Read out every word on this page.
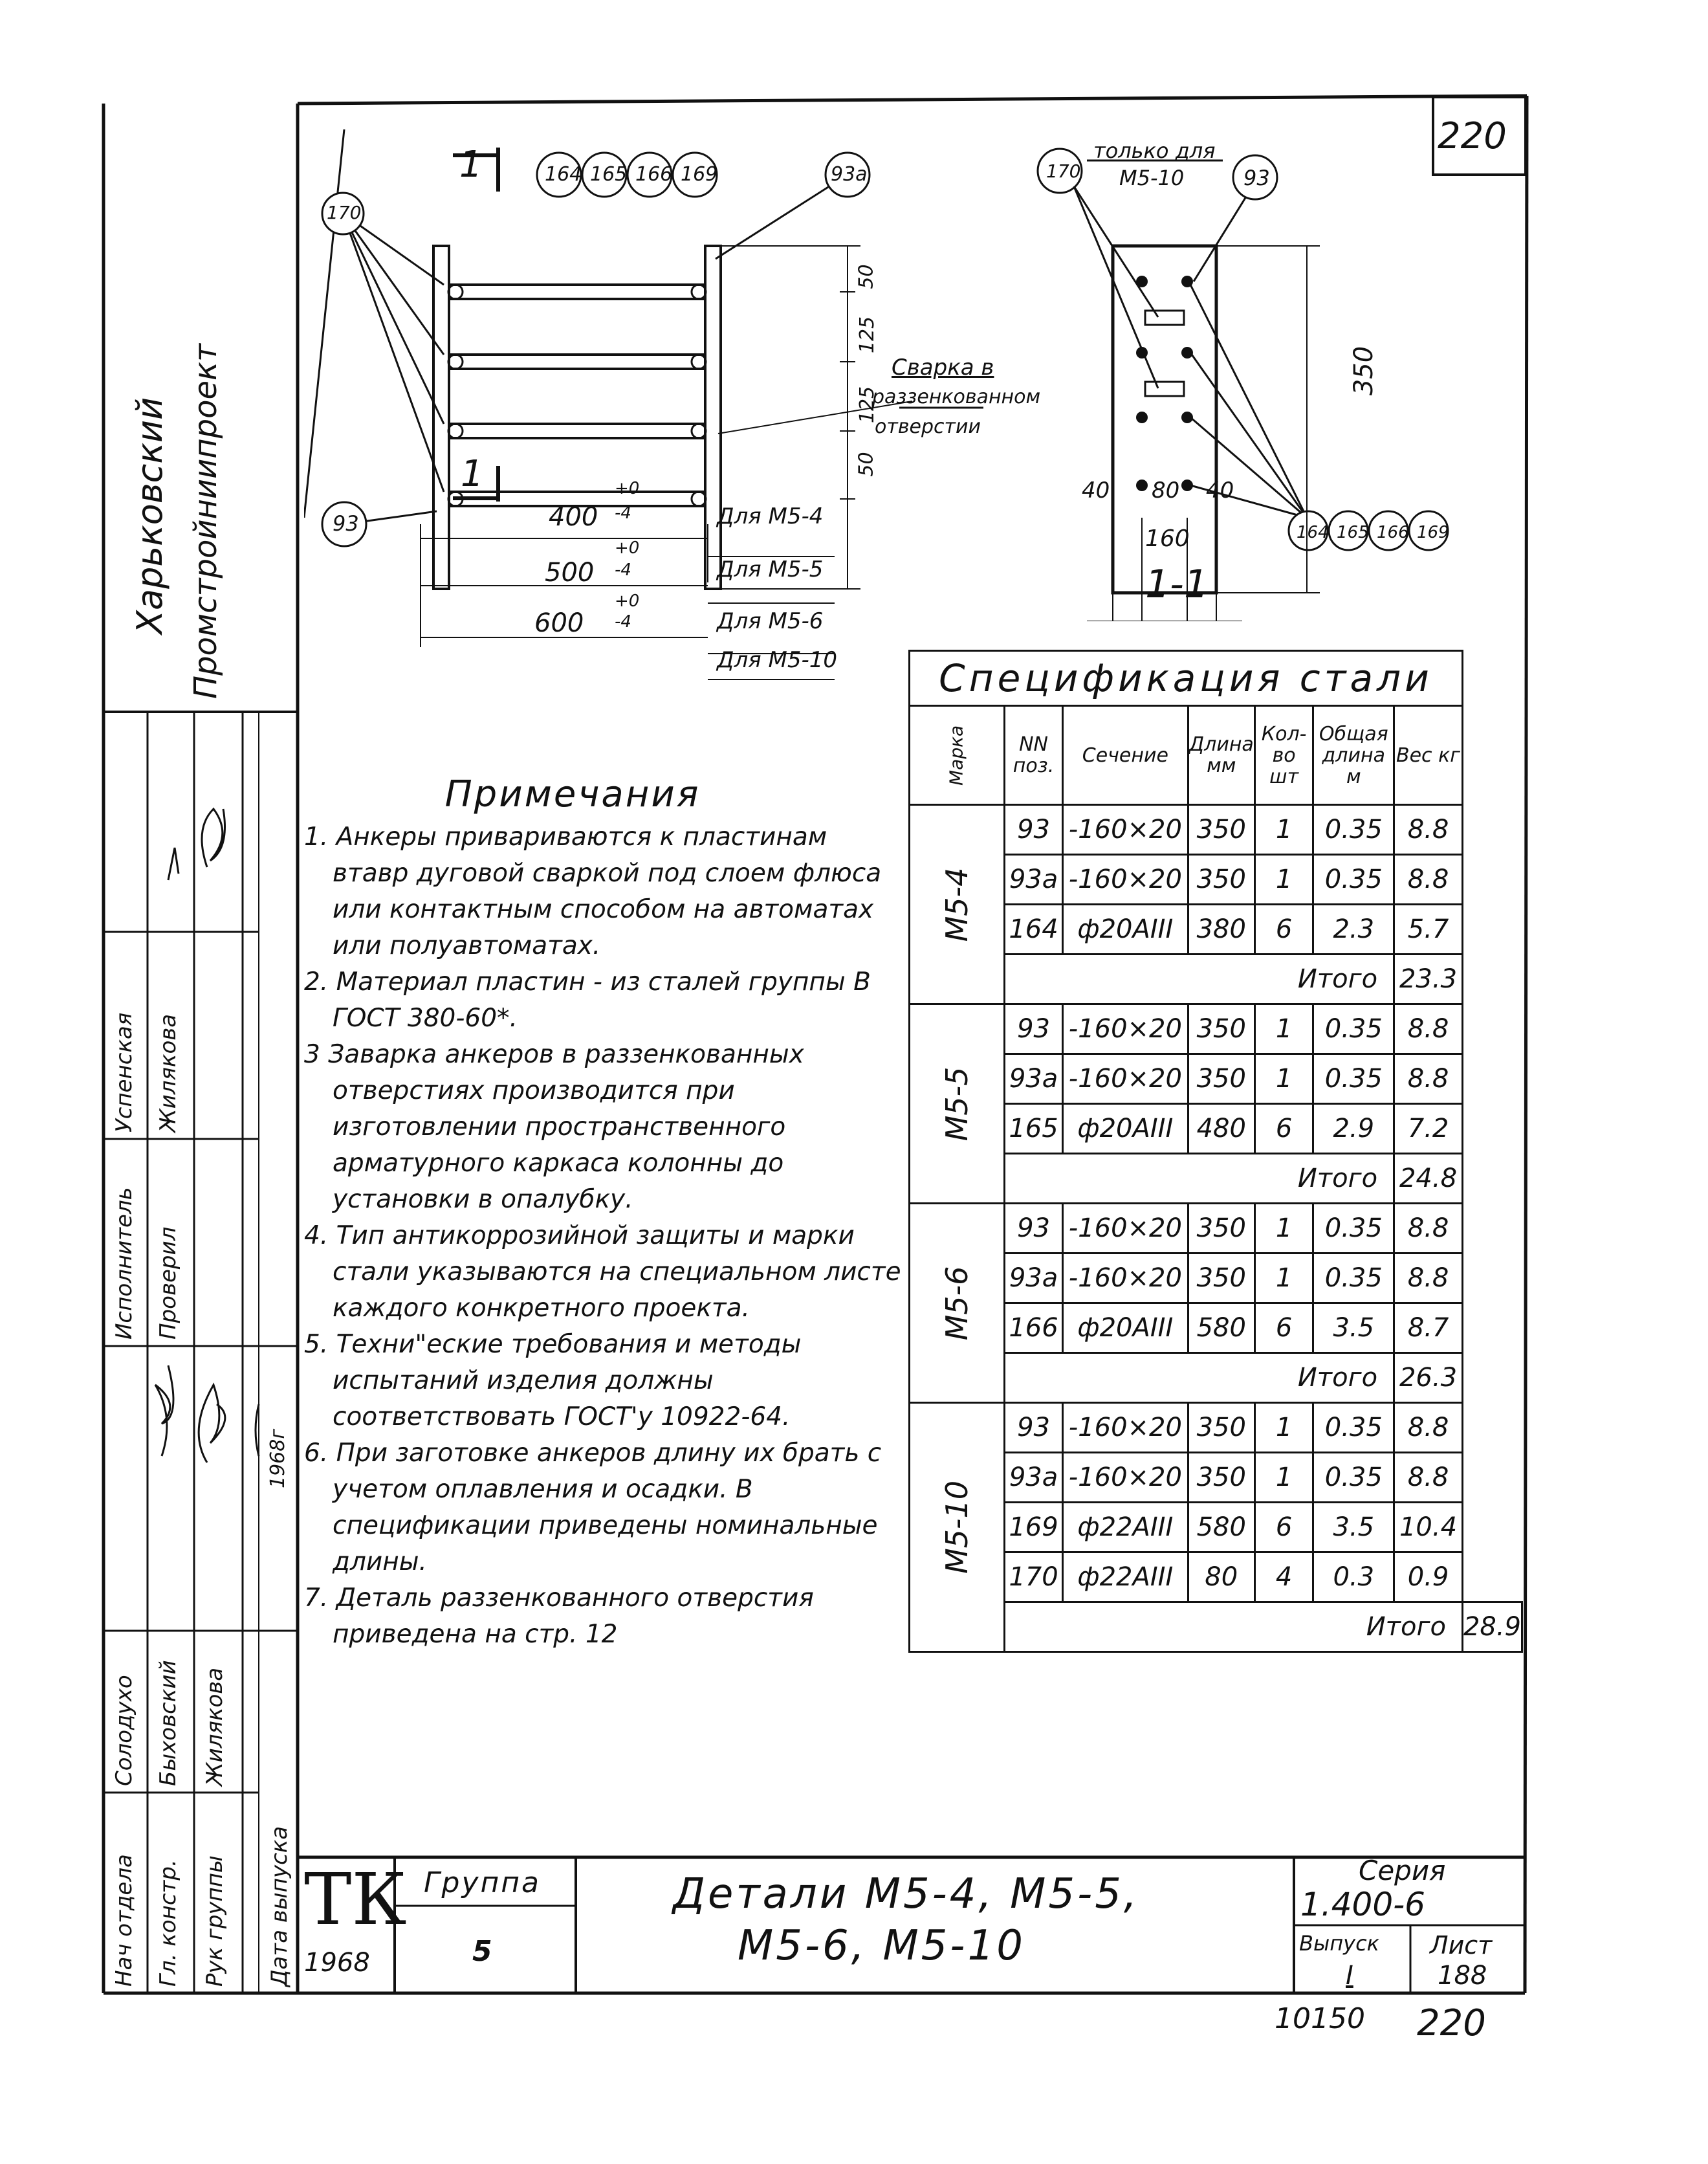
220
Харьковский Промстройниипроект
Нач отдела Гл. констр. Рук группы
Исполнитель Проверил
Успенская Жиляковa
Дата выпуска
Солодухо Быховский Жилякова
1968г
1
1
170
164 165 166 169	93a
93
50
125
125
50
Сварка в
раззенкованном
отверстии
+0
400 -4	Для М5-4
+0
500 -4	Для М5-5
+0
600 -4	Для М5-6
Для М5-10
170
только для
М5-10	93
350
40 80 40
160
1-1
164 165 166 169
Спецификация стали							

Марка	NN поз.	Сечение	Длина мм	Кол-во шт	Общая длина м	Вес кг	

М5-4	93	-160×20	350	1	0.35	8.8	
	93a	-160×20	350	1	0.35	8.8	
	164	ф20АIII	380	6	2.3	5.7	
	Итого					23.3	

М5-5	93	-160×20	350	1	0.35	8.8	
	93a	-160×20	350	1	0.35	8.8	
	165	ф20АIII	480	6	2.9	7.2	
	Итого					24.8	

М5-6	93	-160×20	350	1	0.35	8.8	
	93a	-160×20	350	1	0.35	8.8	
	166	ф20АIII	580	6	3.5	8.7	
	Итого					26.3	

М5-10	93	-160×20	350	1	0.35	8.8	
	93a	-160×20	350	1	0.35	8.8	
	169	ф22АIII	580	6	3.5	10.4	
	170	ф22АIII	80	4	0.3	0.9	
	Итого						28.9
Примечания

1. Анкеры привариваются к пластинам втавр дуговой сваркой под слоем флюса или контактным способом на автоматах или полуавтоматах.

2. Материал пластин - из сталей группы В ГОСТ 380-60*.

3 Заварка анкеров в раззенкованных отверстиях производится при изготовлении пространственного арматурного каркаса колонны до установки в опалубку.

4. Тип антикоррозийной защиты и марки стали указываются на специальном листе каждого конкретного проекта.

5. Техни"еские требования и методы испытаний изделия должны соответствовать ГОСТ'у 10922-64.

6. При заготовке анкеров длину их брать с учетом оплавления и осадки. В спецификации приведены номинальные длины.

7. Деталь раззенкованного отверстия приведена на стр. 12

ТК
1968
Группа
5
Детали М5-4, М5-5,
М5-6, М5-10
Серия
1.400-6
Выпуск
I
Лист
188
10150 220
